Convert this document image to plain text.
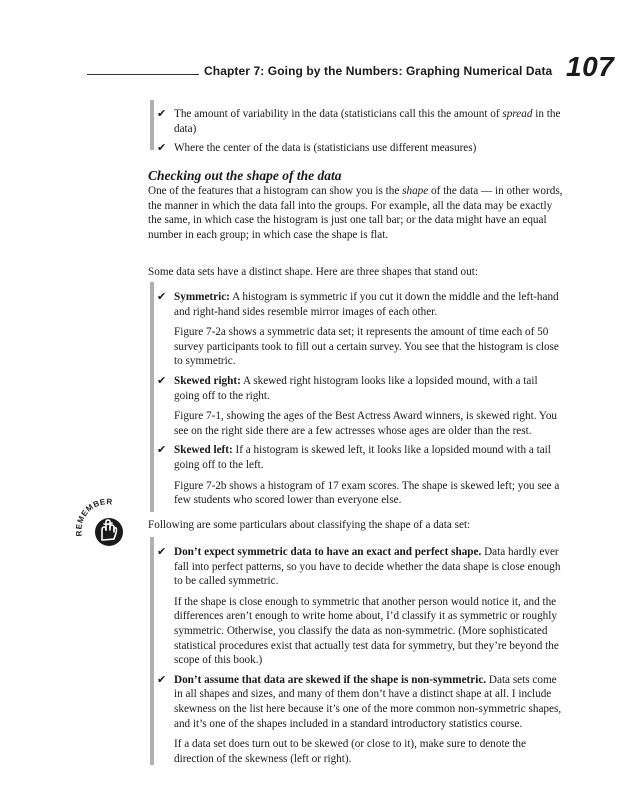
Chapter 7: Going by the Numbers: Graphing Numerical Data 107
✔ The amount of variability in the data (statisticians call this the amount of spread in the data)

✔ Where the center of the data is (statisticians use different measures)

Checking out the shape of the data
One of the features that a histogram can show you is the shape of the data — in other words, the manner in which the data fall into the groups. For example, all the data may be exactly the same, in which case the histogram is just one tall bar; or the data might have an equal number in each group; in which case the shape is flat.
Some data sets have a distinct shape. Here are three shapes that stand out:
✔ Symmetric: A histogram is symmetric if you cut it down the middle and the left-hand and right-hand sides resemble mirror images of each other.

Figure 7-2a shows a symmetric data set; it represents the amount of time each of 50 survey participants took to fill out a certain survey. You see that the histogram is close to symmetric.

✔ Skewed right: A skewed right histogram looks like a lopsided mound, with a tail going off to the right.

Figure 7-1, showing the ages of the Best Actress Award winners, is skewed right. You see on the right side there are a few actresses whose ages are older than the rest.

✔ Skewed left: If a histogram is skewed left, it looks like a lopsided mound with a tail going off to the left.

Figure 7-2b shows a histogram of 17 exam scores. The shape is skewed left; you see a few students who scored lower than everyone else.

REMEMBER
Following are some particulars about classifying the shape of a data set:
✔ Don’t expect symmetric data to have an exact and perfect shape. Data hardly ever fall into perfect patterns, so you have to decide whether the data shape is close enough to be called symmetric.

If the shape is close enough to symmetric that another person would notice it, and the differences aren’t enough to write home about, I’d classify it as symmetric or roughly symmetric. Otherwise, you classify the data as non-symmetric. (More sophisticated statistical procedures exist that actually test data for symmetry, but they’re beyond the scope of this book.)

✔ Don’t assume that data are skewed if the shape is non-symmetric. Data sets come in all shapes and sizes, and many of them don’t have a distinct shape at all. I include skewness on the list here because it’s one of the more common non-symmetric shapes, and it’s one of the shapes included in a standard introductory statistics course.

If a data set does turn out to be skewed (or close to it), make sure to denote the direction of the skewness (left or right).
